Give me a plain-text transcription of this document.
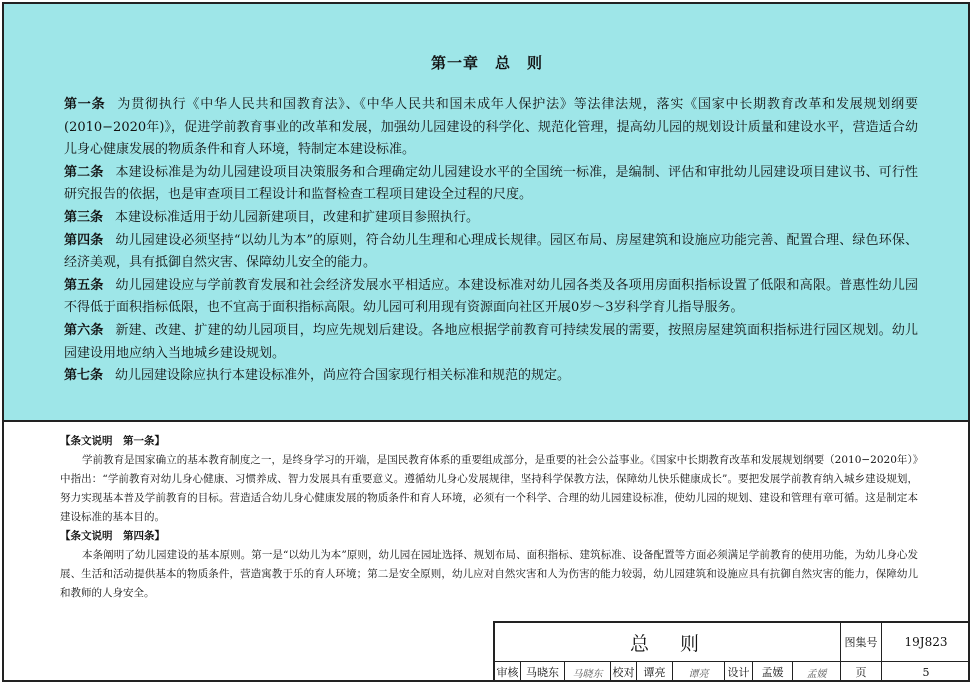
第一章　总　则

第一条 为贯彻执行《中华人民共和国教育法》、《中华人民共和国未成年人保护法》等法律法规，落实《国家中长期教育改革和发展规划纲要(2010−2020年)》，促进学前教育事业的改革和发展，加强幼儿园建设的科学化、规范化管理，提高幼儿园的规划设计质量和建设水平，营造适合幼儿身心健康发展的物质条件和育人环境，特制定本建设标准。

第二条 本建设标准是为幼儿园建设项目决策服务和合理确定幼儿园建设水平的全国统一标准，是编制、评估和审批幼儿园建设项目建议书、可行性研究报告的依据，也是审查项目工程设计和监督检查工程项目建设全过程的尺度。

第三条 本建设标准适用于幼儿园新建项目，改建和扩建项目参照执行。

第四条 幼儿园建设必须坚持“以幼儿为本”的原则，符合幼儿生理和心理成长规律。园区布局、房屋建筑和设施应功能完善、配置合理、绿色环保、经济美观，具有抵御自然灾害、保障幼儿安全的能力。

第五条 幼儿园建设应与学前教育发展和社会经济发展水平相适应。本建设标准对幼儿园各类及各项用房面积指标设置了低限和高限。普惠性幼儿园不得低于面积指标低限，也不宜高于面积指标高限。幼儿园可利用现有资源面向社区开展0岁～3岁科学育儿指导服务。

第六条 新建、改建、扩建的幼儿园项目，均应先规划后建设。各地应根据学前教育可持续发展的需要，按照房屋建筑面积指标进行园区规划。幼儿园建设用地应纳入当地城乡建设规划。

第七条 幼儿园建设除应执行本建设标准外，尚应符合国家现行相关标准和规范的规定。

【条文说明　第一条】

学前教育是国家确立的基本教育制度之一，是终身学习的开端，是国民教育体系的重要组成部分，是重要的社会公益事业。《国家中长期教育改革和发展规划纲要（2010−2020年）》中指出：“学前教育对幼儿身心健康、习惯养成、智力发展具有重要意义。遵循幼儿身心发展规律，坚持科学保教方法，保障幼儿快乐健康成长”。要把发展学前教育纳入城乡建设规划，努力实现基本普及学前教育的目标。营造适合幼儿身心健康发展的物质条件和育人环境，必须有一个科学、合理的幼儿园建设标准，使幼儿园的规划、建设和管理有章可循。这是制定本建设标准的基本目的。

【条文说明　第四条】

本条阐明了幼儿园建设的基本原则。第一是“以幼儿为本”原则，幼儿园在园址选择、规划布局、面积指标、建筑标准、设备配置等方面必须满足学前教育的使用功能，为幼儿身心发展、生活和活动提供基本的物质条件，营造寓教于乐的育人环境；第二是安全原则，幼儿应对自然灾害和人为伤害的能力较弱，幼儿园建筑和设施应具有抗御自然灾害的能力，保障幼儿和教师的人身安全。

总　则	图集号	19J823
审核 马晓东	马晓东 校对 谭亮	谭亮	设计	孟媛	孟媛	页	5
